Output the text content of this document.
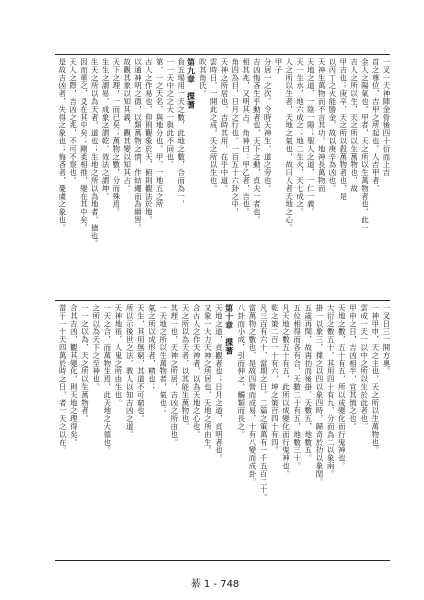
一叉一天神陣金骨後四十衍而上吉
首之尊位，吉甲之所起也。人吉甲者，
金人之陽氣也。甲者，天之所以生萬物者也，此一
吉人之所以生，天之所以生萬物也，故
甲吉也；庚辛，天之所以殺萬物者也，是
以丙丁之火能勝金，故以庚辛為凶也。
天神生萬物而不言其功，地神長萬物而
天地之道，一陰一陽；聖人之道，一仁一義。
天一生水，地六成之；地二生火，天七成之。
人之所以生者，天地之氣也，故曰人者天地之心。
甲子
分居一之次。令時天神生，道之旁也。
吉凶悔吝生乎動者也，天下之動，貞夫一者也。
相其兆，又明其占。角神曰：甲乙者，吉也。
角四為目，日月之行也。一百五十六卦之中，
天神之所居也，吉時其用，在乎中道。
雲時日，一開此之成，天之所以生也。
吹其角氏。
第九章　揲蓍
負五場用一天之數，此地之數，合而為一，
一一天中之之大一與此不同也。
第，一之天名，與地分也。甲，一地五之所
古人之作易也，仰則觀象於天，俯則觀法於地。
以通神明之德，以類萬物之情，作結繩而為網罟。
故觀其象以知其義，觀其變以知其占。
天下之理，一而已矣；萬物之數，分而殊焉。
生生之謂易，成象之謂乾，效法之謂坤。
生天之所以為天者，道也；生地之所以為地者，德也。
因而重之，爻在其中矣；剛柔相推，變在其中矣。
天人之際，吉凶之兆，不可不察也。
是故吉凶者，失得之象也；悔吝者，憂虞之象也。
一叉日三一開方奧。
一神甲申，天之主也，天之所以生萬物也。
雲成一天一以中之所以生於此者也。
甲申之日，吉凶相半，宜其慎之也。
天地之數，五十有五，所以成變化而行鬼神也。
大衍之數五十，其用四十有九，分而為二以象兩。
掛一以象三，揲之以四以象四時，歸奇於扐以象閏。
五歲再閏，故再扐而後掛。天數五，地數五。
五位相得而各有合，天數二十有五，地數三十。
凡天地之數五十有五，此所以成變化而行鬼神也。
乾之策二百一十有六，坤之策百四十有四。
凡三百有六十，當期之日。二篇之策萬有一千五百二十。
當萬物之數也，是故四營而成易，十有八變而成卦。
八卦而小成，引而伸之，觸類而長之。
第十章　揲蓍
天地之道，貞觀者也；日月之道，貞明者也。
又象一大力天神之所居也，天地之所由生。
合古人之作天神者，以為天地之心也。
天之所以為天者，以其能生萬物也。
其理一也，天神之所居，吉凶之所由也。
一天地之所以生萬物者，氣也；
氣之所以成形者，精也；
天生，其用無窮，其道不可窮也。
所以示後世之法，教人以知吉凶之道。
天神地祇，人鬼之所由生也。
一天之合，而萬物生焉，此天地之大德也。
之所以為天下之至神也。
一一之以為，天之所以生萬物者。
合其吉凶，觀其變化，則天地之理得矣。
當于一十天四萬於時之日，者一天之以在。
綦 1 - 748
